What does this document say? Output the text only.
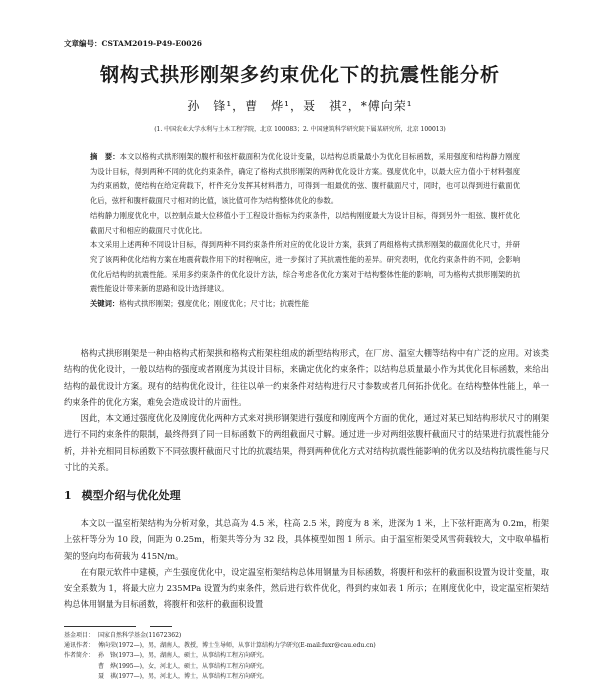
文章编号：CSTAM2019-P49-E0026
钢构式拱形刚架多约束优化下的抗震性能分析
孙　锋¹，曹　烨¹，聂　祺²，*傅向荣¹
(1. 中国农业大学水利与土木工程学院，北京 100083；2. 中国建筑科学研究院下属某研究所，北京 100013)

摘　要：本文以格构式拱形刚架的腹杆和弦杆截面积为优化设计变量，以结构总质量最小为优化目标函数，采用强度和结构静力刚度为设计目标，得到两种不同的优化约束条件，确定了格构式拱形刚架的两种优化设计方案。强度优化中，以最大应力值小于材料强度为约束函数，使结构在给定荷载下，杆件充分发挥其材料潜力，可得到一组最优的弦、腹杆截面尺寸，同时，也可以得到进行截面优化后，弦杆和腹杆截面尺寸相对的比值，该比值可作为结构整体优化的参数。

结构静力刚度优化中，以控制点最大位移值小于工程设计指标为约束条件，以结构刚度最大为设计目标，得到另外一组弦、腹杆优化截面尺寸和相应的截面尺寸优化比。

本文采用上述两种不同设计目标，得到两种不同约束条件所对应的优化设计方案，获到了两组格构式拱形刚架的截面优化尺寸，并研究了该两种优化结构方案在地震荷载作用下的时程响应，进一步探讨了其抗震性能的差异。研究表明，优化约束条件的不同，会影响优化后结构的抗震性能。采用多约束条件的优化设计方法，综合考虑各优化方案对于结构整体性能的影响，可为格构式拱形刚架的抗震性能设计带来新的思路和设计选择建议。

关键词：格构式拱形刚架；强度优化；刚度优化；尺寸比；抗震性能

格构式拱形刚架是一种由格构式桁架拱和格构式桁架柱组成的新型结构形式，在厂房、温室大棚等结构中有广泛的应用。对该类结构的优化设计，一般以结构的强度或者刚度为其设计目标，来确定优化约束条件；以结构总质量最小作为其优化目标函数，来给出结构的最优设计方案。现有的结构优化设计，往往以单一约束条件对结构进行尺寸参数或者几何拓扑优化。在结构整体性能上，单一约束条件的优化方案，难免会造成设计的片面性。

因此，本文通过强度优化及刚度优化两种方式来对拱形钢架进行强度和刚度两个方面的优化，通过对某已知结构形状尺寸的刚架进行不同约束条件的限制，最终得到了同一目标函数下的两组截面尺寸解。通过进一步对两组弦腹杆截面尺寸的结果进行抗震性能分析，并补充相同目标函数下不同弦腹杆截面尺寸比的抗震结果，得到两种优化方式对结构抗震性能影响的优劣以及结构抗震性能与尺寸比的关系。

1 模型介绍与优化处理

本文以一温室桁架结构为分析对象，其总高为 4.5 米，柱高 2.5 米，跨度为 8 米，进深为 1 米，上下弦杆距离为 0.2m，桁架上弦杆等分为 10 段，间距为 0.25m，桁架共等分为 32 段，具体模型如图 1 所示。由于温室桁架受风雪荷载较大，文中取单榀桁架的竖向均布荷载为 415N/m。

在有限元软件中建模，产生强度优化中，设定温室桁架结构总体用钢量为目标函数，将腹杆和弦杆的截面积设置为设计变量，取安全系数为 1，将最大应力 235MPa 设置为约束条件，然后进行软件优化，得到约束如表 1 所示；在刚度优化中，设定温室桁架结构总体用钢量为目标函数，将腹杆和弦杆的截面积设置

基金项目： 国家自然科学基金(11672362)
通讯作者： 傅向荣(1972—)，男，湖南人，教授，博士生导师，从事计算结构力学研究(E-mail:fuxr@cau.edu.cn)
作者简介： 孙　锋(1973—)，男，湖南人，硕士，从事结构工程方向研究。
曹　烨(1995—)，女，河北人，硕士，从事结构工程方向研究。
聂　祺(1977—)，男，河北人，博士，从事结构工程方向研究。
